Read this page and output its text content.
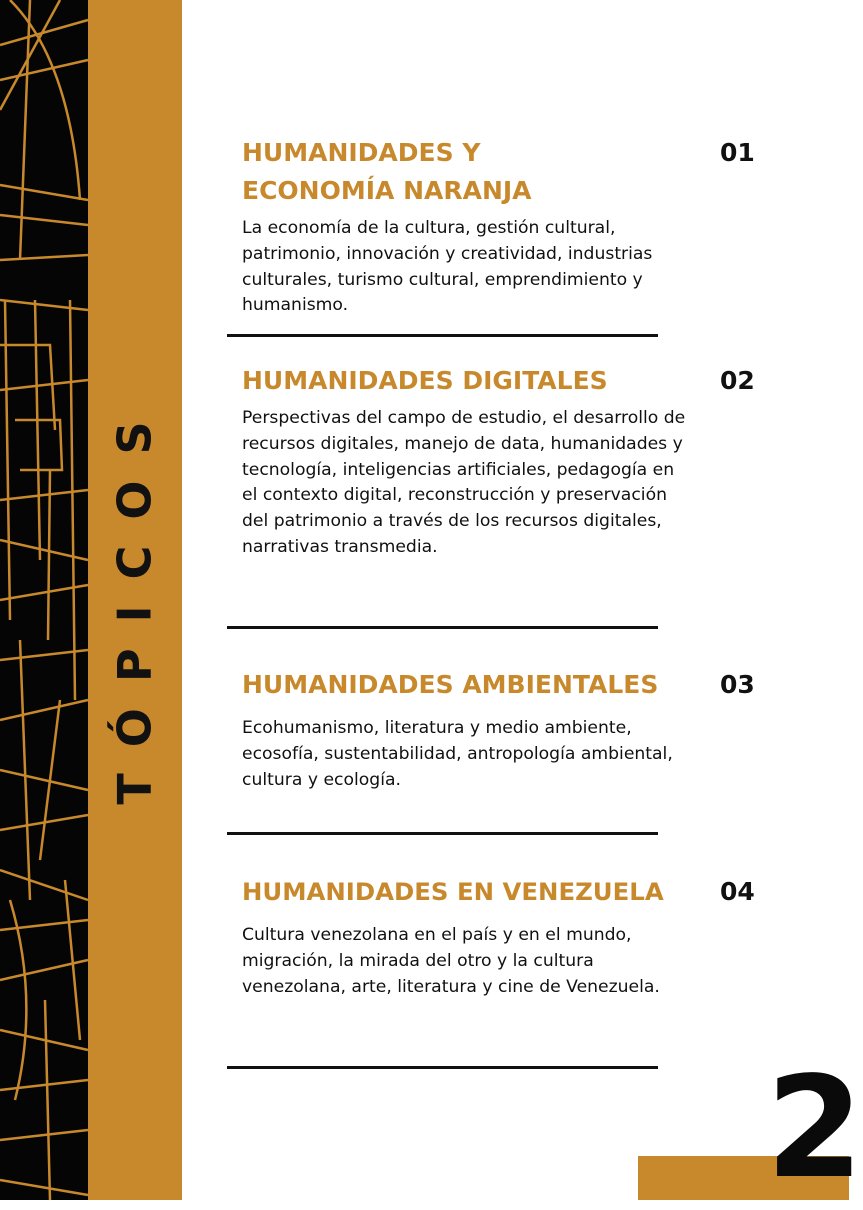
TÓPICOS
HUMANIDADES Y
ECONOMÍA NARANJA

La economía de la cultura, gestión cultural, patrimonio, innovación y creatividad, industrias culturales, turismo cultural, emprendimiento y humanismo.

01
HUMANIDADES DIGITALES

Perspectivas del campo de estudio, el desarrollo de recursos digitales, manejo de data, humanidades y tecnología, inteligencias artificiales, pedagogía en el contexto digital, reconstrucción y preservación del patrimonio a través de los recursos digitales, narrativas transmedia.

02
HUMANIDADES AMBIENTALES

Ecohumanismo, literatura y medio ambiente, ecosofía, sustentabilidad, antropología ambiental, cultura y ecología.

03
HUMANIDADES EN VENEZUELA

Cultura venezolana en el país y en el mundo, migración, la mirada del otro y la cultura venezolana, arte, literatura y cine de Venezuela.

04
2
